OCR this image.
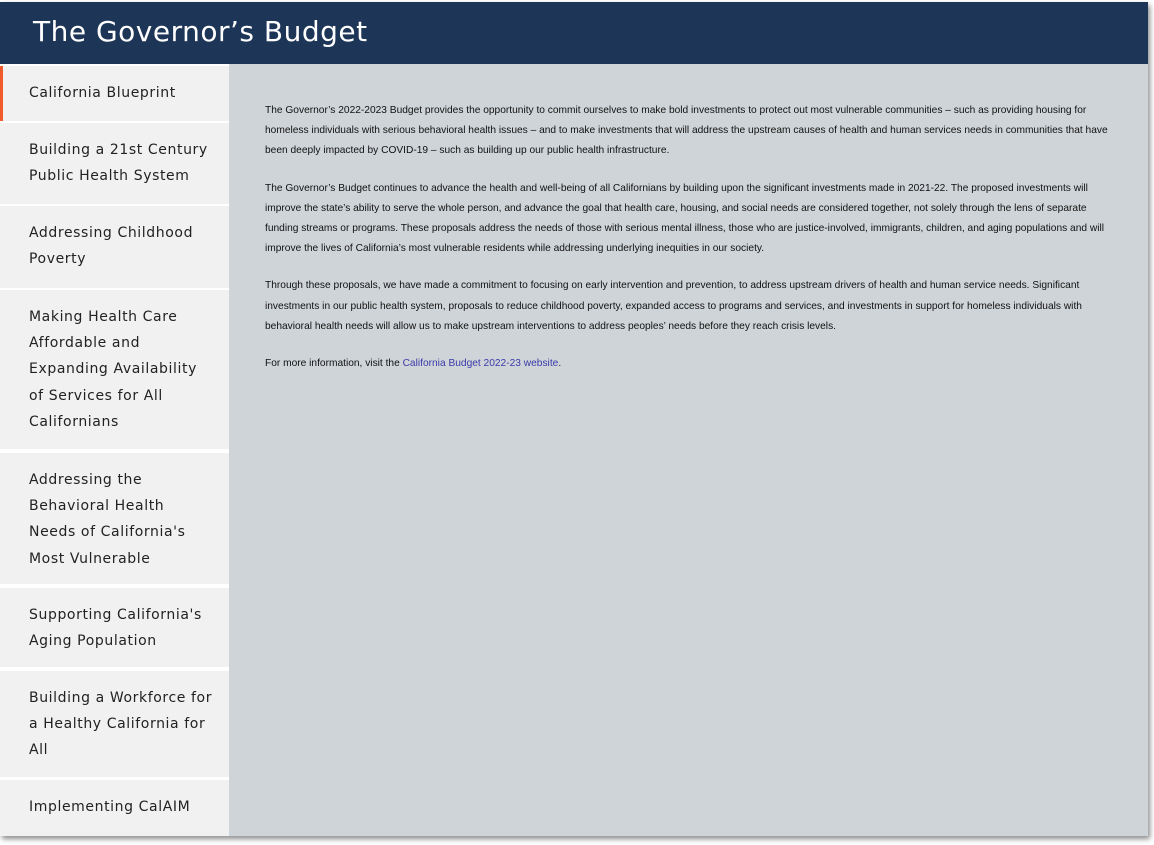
The Governor’s Budget
California Blueprint
Building a 21st Century Public Health System
Addressing Childhood Poverty
Making Health Care Affordable and Expanding Availability of Services for All Californians
Addressing the Behavioral Health Needs of California's Most Vulnerable
Supporting California's Aging Population
Building a Workforce for a Healthy California for All
Implementing CalAIM

The Governor’s 2022-2023 Budget provides the opportunity to commit ourselves to make bold investments to protect out most vulnerable communities – such as providing housing for homeless individuals with serious behavioral health issues – and to make investments that will address the upstream causes of health and human services needs in communities that have been deeply impacted by COVID-19 – such as building up our public health infrastructure.

The Governor’s Budget continues to advance the health and well-being of all Californians by building upon the significant investments made in 2021-22. The proposed investments will improve the state’s ability to serve the whole person, and advance the goal that health care, housing, and social needs are considered together, not solely through the lens of separate funding streams or programs. These proposals address the needs of those with serious mental illness, those who are justice-involved, immigrants, children, and aging populations and will improve the lives of California’s most vulnerable residents while addressing underlying inequities in our society.

Through these proposals, we have made a commitment to focusing on early intervention and prevention, to address upstream drivers of health and human service needs. Significant investments in our public health system, proposals to reduce childhood poverty, expanded access to programs and services, and investments in support for homeless individuals with behavioral health needs will allow us to make upstream interventions to address peoples’ needs before they reach crisis levels.

For more information, visit the California Budget 2022-23 website.
